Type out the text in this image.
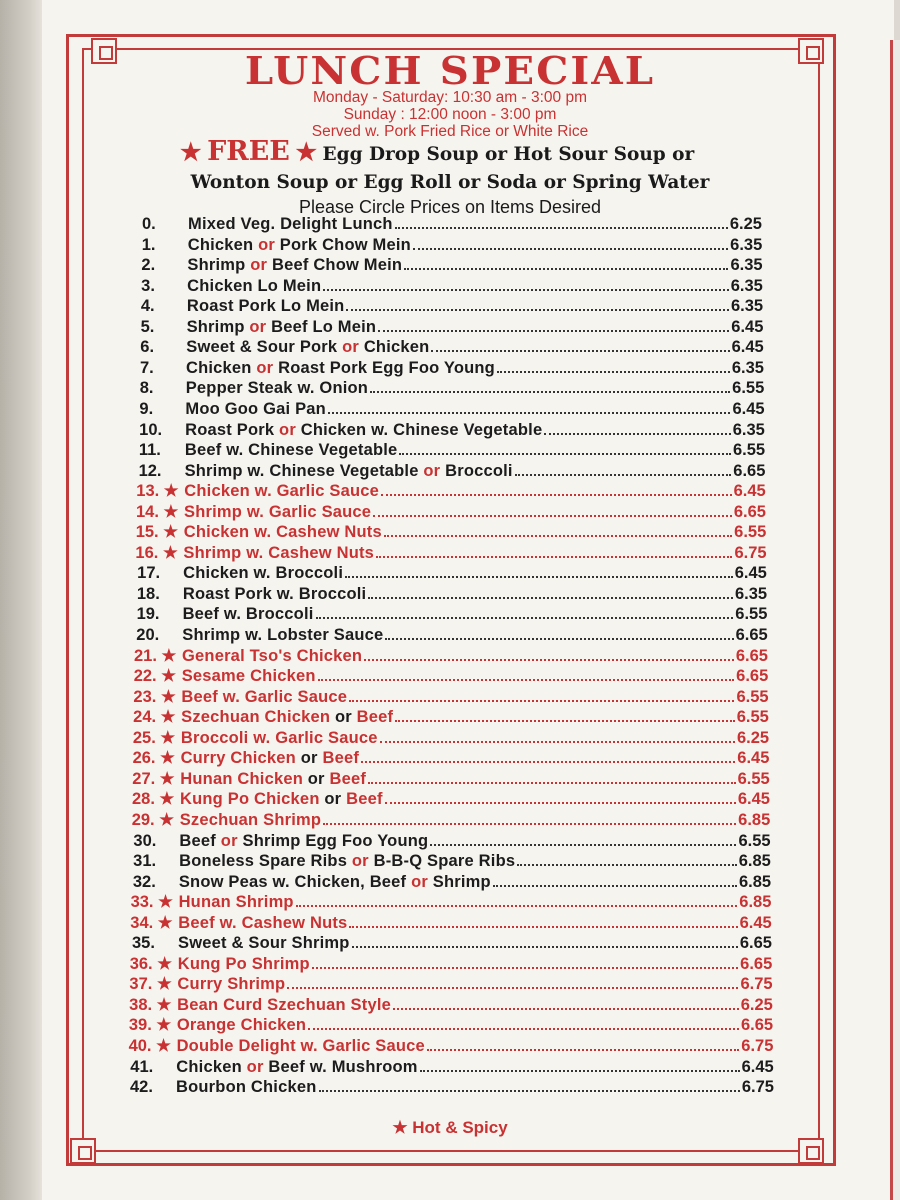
LUNCH SPECIAL
Monday - Saturday: 10:30 am - 3:00 pm
Sunday : 12:00 noon - 3:00 pm
Served w. Pork Fried Rice or White Rice
★ FREE ★ Egg Drop Soup or Hot Sour Soup or
Wonton Soup or Egg Roll or Soda or Spring Water
Please Circle Prices on Items Desired
0.	Mixed Veg. Delight Lunch	6.25
1.	Chicken or Pork Chow Mein	6.35
2.	Shrimp or Beef Chow Mein	6.35
3.	Chicken Lo Mein	6.35
4.	Roast Pork Lo Mein	6.35
5.	Shrimp or Beef Lo Mein	6.45
6.	Sweet & Sour Pork or Chicken	6.45
7.	Chicken or Roast Pork Egg Foo Young	6.35
8.	Pepper Steak w. Onion	6.55
9.	Moo Goo Gai Pan	6.45
10.	Roast Pork or Chicken w. Chinese Vegetable	6.35
11.	Beef w. Chinese Vegetable	6.55
12.	Shrimp w. Chinese Vegetable or Broccoli	6.65
13. ★ Chicken w. Garlic Sauce	6.45
14. ★ Shrimp w. Garlic Sauce	6.65
15. ★ Chicken w. Cashew Nuts	6.55
16. ★ Shrimp w. Cashew Nuts	6.75
17.	Chicken w. Broccoli	6.45
18.	Roast Pork w. Broccoli	6.35
19.	Beef w. Broccoli	6.55
20.	Shrimp w. Lobster Sauce	6.65
21. ★ General Tso's Chicken	6.65
22. ★ Sesame Chicken	6.65
23. ★ Beef w. Garlic Sauce	6.55
24. ★ Szechuan Chicken or Beef	6.55
25. ★ Broccoli w. Garlic Sauce	6.25
26. ★ Curry Chicken or Beef	6.45
27. ★ Hunan Chicken or Beef	6.55
28. ★ Kung Po Chicken or Beef	6.45
29. ★ Szechuan Shrimp	6.85
30.	Beef or Shrimp Egg Foo Young	6.55
31.	Boneless Spare Ribs or B-B-Q Spare Ribs	6.85
32.	Snow Peas w. Chicken, Beef or Shrimp	6.85
33. ★ Hunan Shrimp	6.85
34. ★ Beef w. Cashew Nuts	6.45
35.	Sweet & Sour Shrimp	6.65
36. ★ Kung Po Shrimp	6.65
37. ★ Curry Shrimp	6.75
38. ★ Bean Curd Szechuan Style	6.25
39. ★ Orange Chicken	6.65
40. ★ Double Delight w. Garlic Sauce	6.75
41.	Chicken or Beef w. Mushroom	6.45
42.	Bourbon Chicken	6.75
★ Hot & Spicy
